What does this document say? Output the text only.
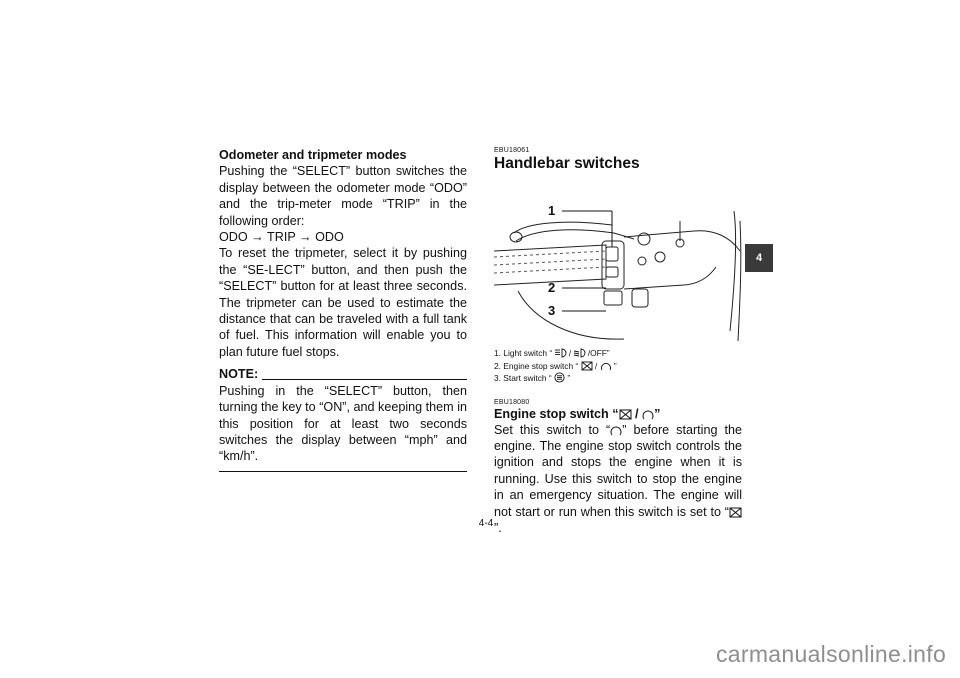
Odometer and tripmeter modes

Pushing the “SELECT” button switches the display between the odometer mode “ODO” and the trip-meter mode “TRIP” in the following order:

ODO → TRIP → ODO

To reset the tripmeter, select it by pushing the “SE-LECT” button, and then push the “SELECT” button for at least three seconds. The tripmeter can be used to estimate the distance that can be traveled with a full tank of fuel. This information will enable you to plan future fuel stops.

NOTE:

Pushing in the “SELECT” button, then turning the key to “ON”, and keeping them in this position for at least two seconds switches the display between “mph” and “km/h”.

EBU18061
Handlebar switches
1
2
3
1. Light switch “  /  /OFF”
2. Engine stop switch “  /  ”
3. Start switch “ ”
EBU18080

Engine stop switch “ / ”

Set this switch to “ ” before starting the engine. The engine stop switch controls the ignition and stops the engine when it is running. Use this switch to stop the engine in an emergency situation. The engine will not start or run when this switch is set to “”.

4
4-4
carmanualsonline.info
